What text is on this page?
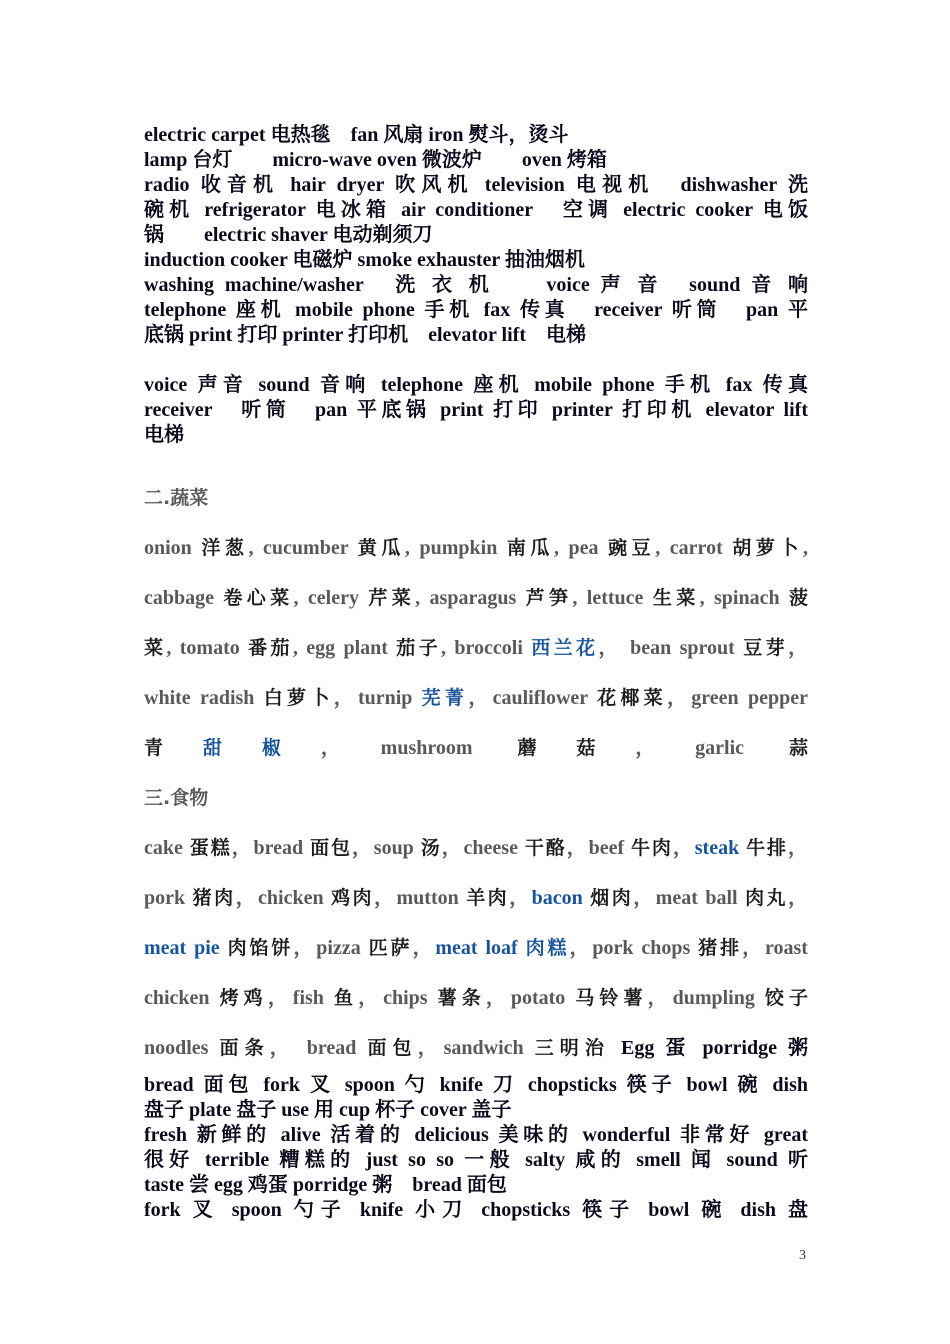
electric carpet 电热毯　fan 风扇 iron 熨斗，烫斗
lamp 台灯　　micro-wave oven 微波炉　　oven 烤箱
radio 收音机 hair dryer 吹风机 television 电视机　dishwasher 洗
碗机 refrigerator 电冰箱 air conditioner　空调 electric cooker 电饭
锅　　electric shaver 电动剃须刀
induction cooker 电磁炉 smoke exhauster 抽油烟机
washing machine/washer　洗 衣 机　　voice 声 音　sound 音 响
telephone 座机 mobile phone 手机 fax 传真　receiver 听筒　pan 平
底锅 print 打印 printer 打印机　elevator lift　电梯
voice 声音 sound 音响 telephone 座机 mobile phone 手机 fax 传真
receiver　听筒　pan 平底锅 print 打印 printer 打印机 elevator lift
电梯
二.蔬菜
onion 洋葱, cucumber 黄瓜, pumpkin 南瓜, pea 豌豆, carrot 胡萝卜,
cabbage 卷心菜, celery 芹菜, asparagus 芦笋, lettuce 生菜, spinach 菠
菜, tomato 番茄, egg plant 茄子, broccoli 西兰花， bean sprout 豆芽，
white radish 白萝卜，turnip 芜菁，cauliflower 花椰菜，green pepper
青甜椒，mushroom 蘑菇，garlic 蒜
三.食物
cake 蛋糕，bread 面包，soup 汤，cheese 干酪，beef 牛肉，steak 牛排，
pork 猪肉，chicken 鸡肉，mutton 羊肉，bacon 烟肉，meat ball 肉丸，
meat pie 肉馅饼，pizza 匹萨，meat loaf 肉糕，pork chops 猪排，roast
chicken 烤鸡，fish 鱼，chips 薯条，potato 马铃薯，dumpling 饺子
noodles 面条， bread 面包，sandwich 三明治 Egg 蛋 porridge 粥
bread 面包 fork 叉 spoon 勺 knife 刀 chopsticks 筷子 bowl 碗 dish
盘子 plate 盘子 use 用 cup 杯子 cover 盖子
fresh 新鲜的 alive 活着的 delicious 美味的 wonderful 非常好 great
很好 terrible 糟糕的 just so so 一般 salty 咸的 smell 闻 sound 听
taste 尝 egg 鸡蛋 porridge 粥　bread 面包
fork 叉 spoon 勺子 knife 小刀 chopsticks 筷子 bowl 碗 dish 盘
3
